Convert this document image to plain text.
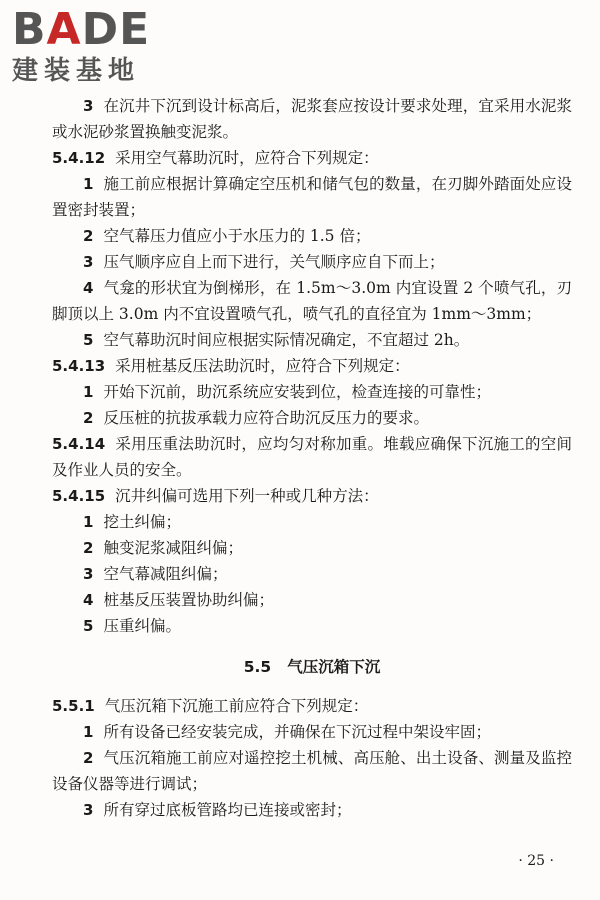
B A D E
建装基地
3 在沉井下沉到设计标高后，泥浆套应按设计要求处理，宜采用水泥浆或水泥砂浆置换触变泥浆。
5.4.12 采用空气幕助沉时，应符合下列规定：
1 施工前应根据计算确定空压机和储气包的数量，在刃脚外踏面处应设置密封装置；
2 空气幕压力值应小于水压力的 1.5 倍；
3 压气顺序应自上而下进行，关气顺序应自下而上；
4 气龛的形状宜为倒梯形，在 1.5m～3.0m 内宜设置 2 个喷气孔，刃脚顶以上 3.0m 内不宜设置喷气孔，喷气孔的直径宜为 1mm～3mm；
5 空气幕助沉时间应根据实际情况确定，不宜超过 2h。
5.4.13 采用桩基反压法助沉时，应符合下列规定：
1 开始下沉前，助沉系统应安装到位，检查连接的可靠性；
2 反压桩的抗拔承载力应符合助沉反压力的要求。
5.4.14 采用压重法助沉时，应均匀对称加重。堆载应确保下沉施工的空间及作业人员的安全。
5.4.15 沉井纠偏可选用下列一种或几种方法：
1 挖土纠偏；
2 触变泥浆减阻纠偏；
3 空气幕减阻纠偏；
4 桩基反压装置协助纠偏；
5 压重纠偏。
5.5 气压沉箱下沉
5.5.1 气压沉箱下沉施工前应符合下列规定：
1 所有设备已经安装完成，并确保在下沉过程中架设牢固；
2 气压沉箱施工前应对遥控挖土机械、高压舱、出土设备、测量及监控设备仪器等进行调试；
3 所有穿过底板管路均已连接或密封；
· 25 ·
